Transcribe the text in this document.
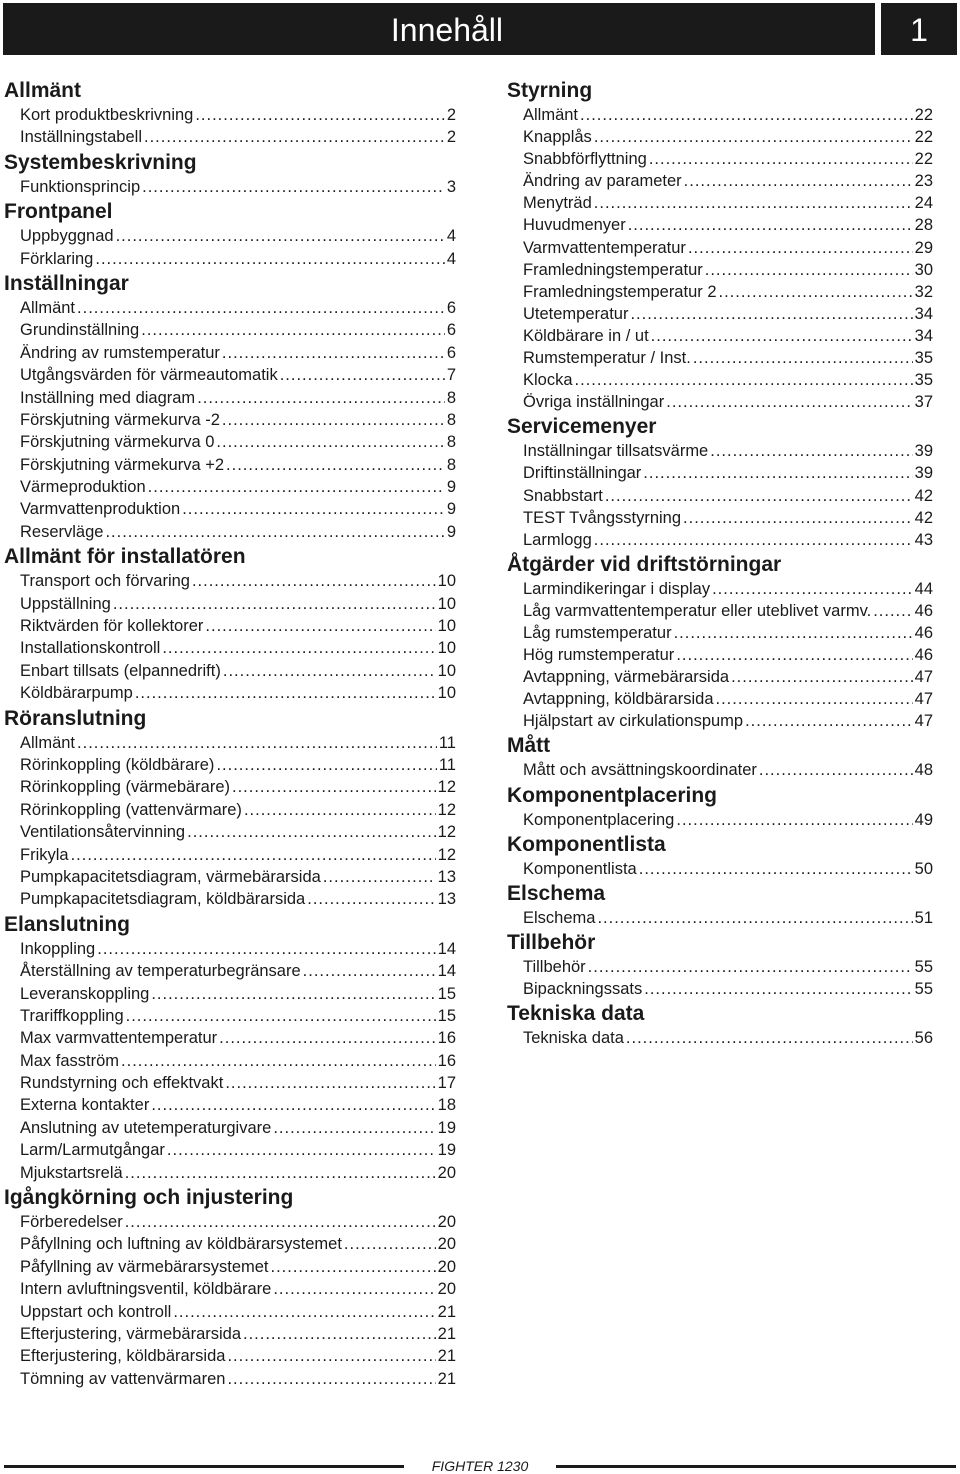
Innehåll	1
Allmänt
Kort produktbeskrivning .....	2
Inställningstabell .....	2
Systembeskrivning
Funktionsprincip .....	3
Frontpanel
Uppbyggnad .....	4
Förklaring .....	4
Inställningar
Allmänt .....	6
Grundinställning .....	6
Ändring av rumstemperatur .....	6
Utgångsvärden för värmeautomatik .....	7
Inställning med diagram .....	8
Förskjutning värmekurva -2 .....	8
Förskjutning värmekurva 0 .....	8
Förskjutning värmekurva +2 .....	8
Värmeproduktion .....	9
Varmvattenproduktion .....	9
Reservläge .....	9
Allmänt för installatören
Transport och förvaring .....	10
Uppställning .....	10
Riktvärden för kollektorer .....	10
Installationskontroll .....	10
Enbart tillsats (elpannedrift) .....	10
Köldbärarpump .....	10
Röranslutning
Allmänt .....	11
Rörinkoppling (köldbärare) .....	11
Rörinkoppling (värmebärare) .....	12
Rörinkoppling (vattenvärmare) .....	12
Ventilationsåtervinning .....	12
Frikyla .....	12
Pumpkapacitetsdiagram, värmebärarsida .....	13
Pumpkapacitetsdiagram, köldbärarsida .....	13
Elanslutning
Inkoppling .....	14
Återställning av temperaturbegränsare .....	14
Leveranskoppling .....	15
Trariffkoppling .....	15
Max varmvattentemperatur .....	16
Max fasström .....	16
Rundstyrning och effektvakt .....	17
Externa kontakter .....	18
Anslutning av utetemperaturgivare .....	19
Larm/Larmutgångar .....	19
Mjukstartsrelä .....	20
Igångkörning och injustering
Förberedelser .....	20
Påfyllning och luftning av köldbärarsystemet .....	20
Påfyllning av värmebärarsystemet .....	20
Intern avluftningsventil, köldbärare .....	20
Uppstart och kontroll .....	21
Efterjustering, värmebärarsida .....	21
Efterjustering, köldbärarsida .....	21
Tömning av vattenvärmaren .....	21
Styrning
Allmänt .....	22
Knapplås .....	22
Snabbförflyttning .....	22
Ändring av parameter .....	23
Menyträd .....	24
Huvudmenyer .....	28
Varmvattentemperatur .....	29
Framledningstemperatur .....	30
Framledningstemperatur 2 .....	32
Utetemperatur .....	34
Köldbärare in / ut .....	34
Rumstemperatur / Inst. .....	35
Klocka .....	35
Övriga inställningar .....	37
Servicemenyer
Inställningar tillsatsvärme .....	39
Driftinställningar .....	39
Snabbstart .....	42
TEST Tvångsstyrning .....	42
Larmlogg .....	43
Åtgärder vid driftstörningar
Larmindikeringar i display .....	44
Låg varmvattentemperatur eller uteblivet varmv. .....	46
Låg rumstemperatur .....	46
Hög rumstemperatur .....	46
Avtappning, värmebärarsida .....	47
Avtappning, köldbärarsida .....	47
Hjälpstart av cirkulationspump .....	47
Mått
Mått och avsättningskoordinater .....	48
Komponentplacering
Komponentplacering .....	49
Komponentlista
Komponentlista .....	50
Elschema
Elschema .....	51
Tillbehör
Tillbehör .....	55
Bipackningssats .....	55
Tekniska data
Tekniska data .....	56
FIGHTER 1230
